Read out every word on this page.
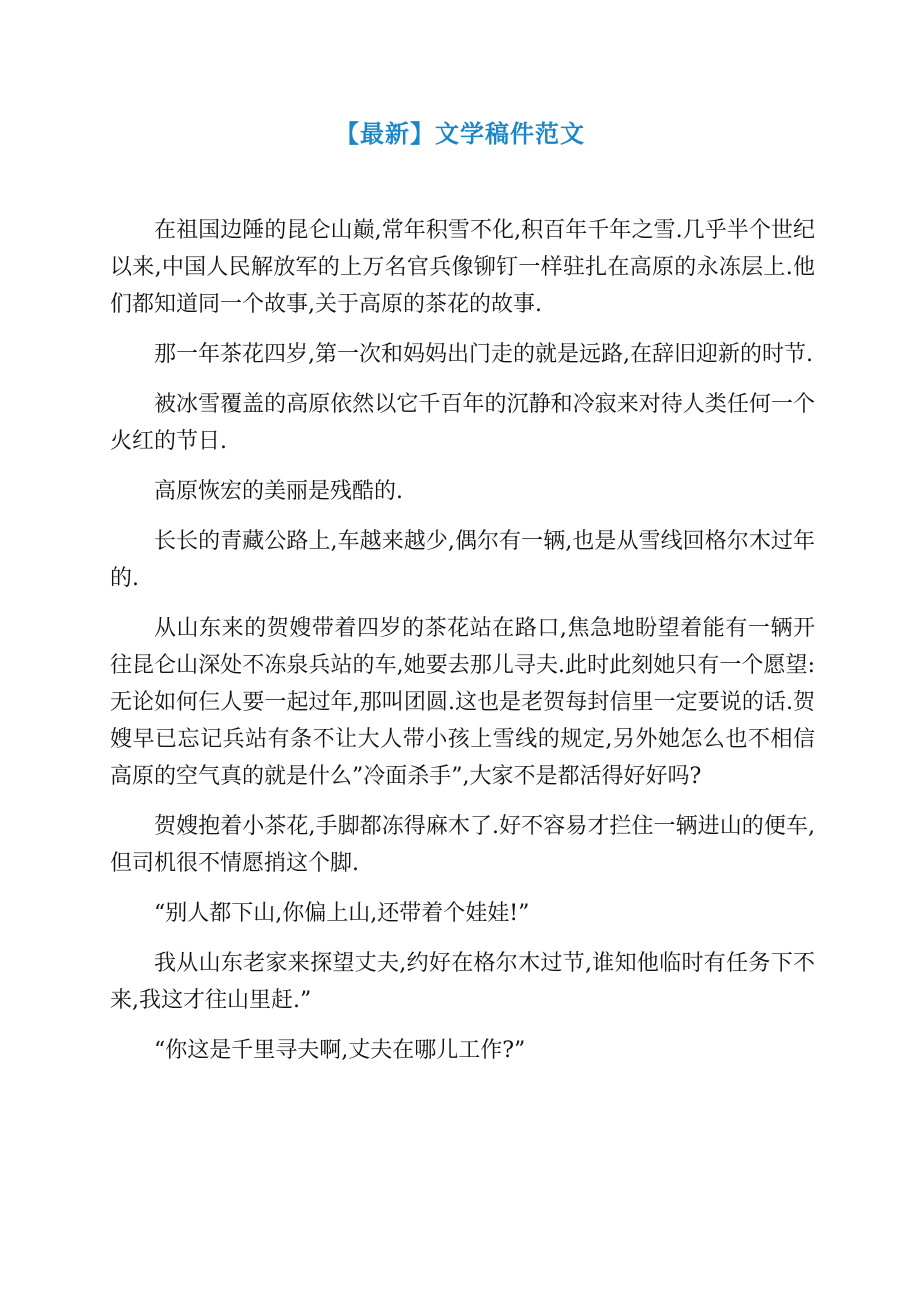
【最新】文学稿件范文

在祖国边陲的昆仑山巅,常年积雪不化,积百年千年之雪.几乎半个世纪以来,中国人民解放军的上万名官兵像铆钉一样驻扎在高原的永冻层上.他们都知道同一个故事,关于高原的茶花的故事.

那一年茶花四岁,第一次和妈妈出门走的就是远路,在辞旧迎新的时节.

被冰雪覆盖的高原依然以它千百年的沉静和冷寂来对待人类任何一个火红的节日.

高原恢宏的美丽是残酷的.

长长的青藏公路上,车越来越少,偶尔有一辆,也是从雪线回格尔木过年的.

从山东来的贺嫂带着四岁的茶花站在路口,焦急地盼望着能有一辆开往昆仑山深处不冻泉兵站的车,她要去那儿寻夫.此时此刻她只有一个愿望:无论如何仨人要一起过年,那叫团圆.这也是老贺每封信里一定要说的话.贺嫂早已忘记兵站有条不让大人带小孩上雪线的规定,另外她怎么也不相信高原的空气真的就是什么”冷面杀手”,大家不是都活得好好吗?

贺嫂抱着小茶花,手脚都冻得麻木了.好不容易才拦住一辆进山的便车,但司机很不情愿捎这个脚.

“别人都下山,你偏上山,还带着个娃娃!”

我从山东老家来探望丈夫,约好在格尔木过节,谁知他临时有任务下不来,我这才往山里赶.”

“你这是千里寻夫啊,丈夫在哪儿工作?”
